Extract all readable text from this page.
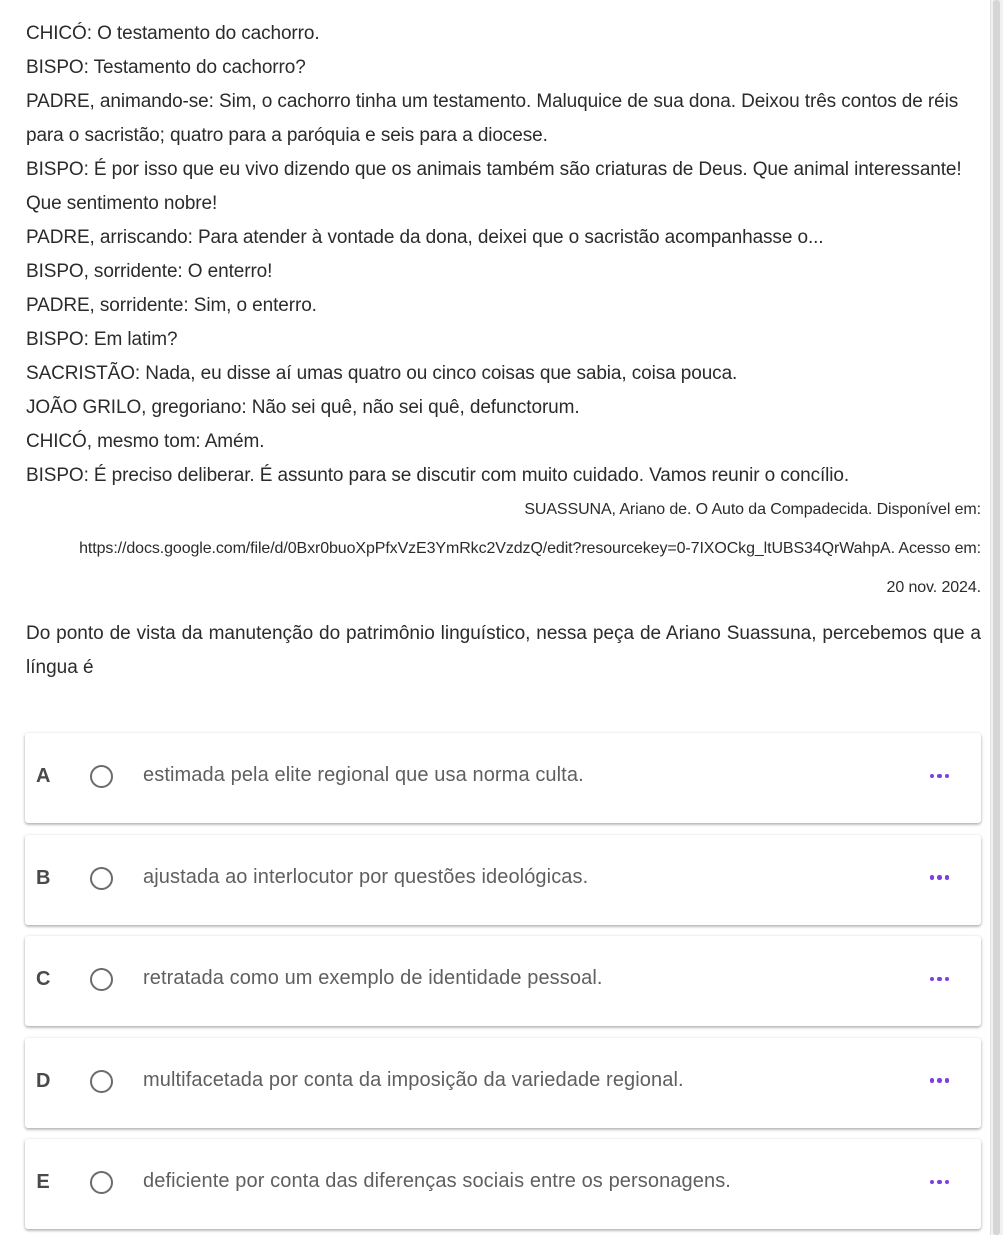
CHICÓ: O testamento do cachorro.

BISPO: Testamento do cachorro?

PADRE, animando-se: Sim, o cachorro tinha um testamento. Maluquice de sua dona. Deixou três contos de réis para o sacristão; quatro para a paróquia e seis para a diocese.

BISPO: É por isso que eu vivo dizendo que os animais também são criaturas de Deus. Que animal interessante! Que sentimento nobre!

PADRE, arriscando: Para atender à vontade da dona, deixei que o sacristão acompanhasse o...

BISPO, sorridente: O enterro!

PADRE, sorridente: Sim, o enterro.

BISPO: Em latim?

SACRISTÃO: Nada, eu disse aí umas quatro ou cinco coisas que sabia, coisa pouca.

JOÃO GRILO, gregoriano: Não sei quê, não sei quê, defunctorum.

CHICÓ, mesmo tom: Amém.

BISPO: É preciso deliberar. É assunto para se discutir com muito cuidado. Vamos reunir o concílio.

SUASSUNA, Ariano de. O Auto da Compadecida. Disponível em:

https://docs.google.com/file/d/0Bxr0buoXpPfxVzE3YmRkc2VzdzQ/edit?resourcekey=0-7IXOCkg_ltUBS34QrWahpA. Acesso em:

20 nov. 2024.

Do ponto de vista da manutenção do patrimônio linguístico, nessa peça de Ariano Suassuna, percebemos que a língua é
A	estimada pela elite regional que usa norma culta.
B	ajustada ao interlocutor por questões ideológicas.
C	retratada como um exemplo de identidade pessoal.
D	multifacetada por conta da imposição da variedade regional.
E	deficiente por conta das diferenças sociais entre os personagens.
